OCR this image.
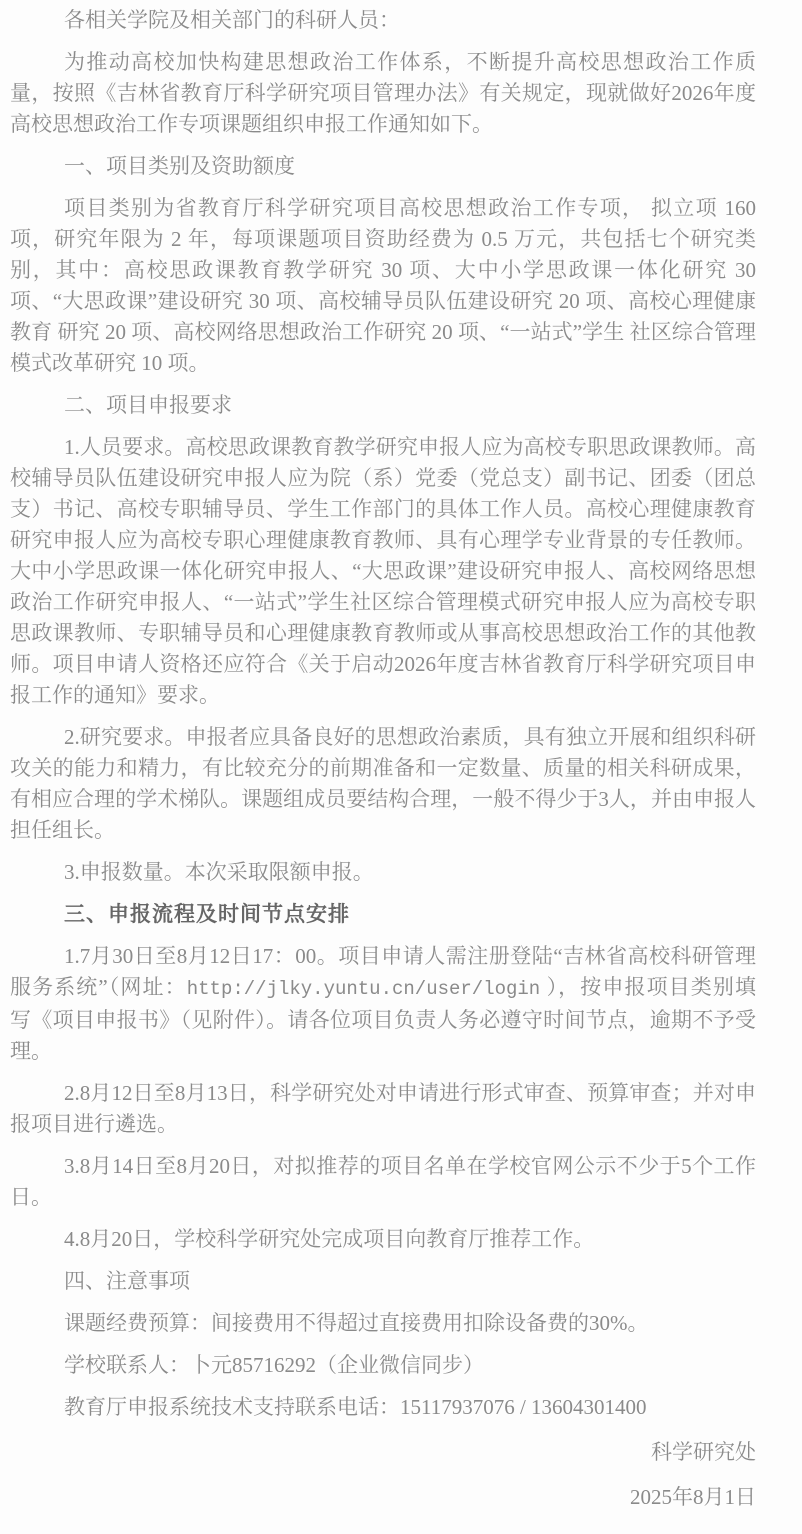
各相关学院及相关部门的科研人员：

为推动高校加快构建思想政治工作体系，不断提升高校思想政治工作质量，按照《吉林省教育厅科学研究项目管理办法》有关规定，现就做好2026年度高校思想政治工作专项课题组织申报工作通知如下。

一、项目类别及资助额度

项目类别为省教育厅科学研究项目高校思想政治工作专项， 拟立项 160 项，研究年限为 2 年，每项课题项目资助经费为 0.5 万元，共包括七个研究类别，其中：高校思政课教育教学研究 30 项、大中小学思政课一体化研究 30 项、“大思政课”建设研究 30 项、高校辅导员队伍建设研究 20 项、高校心理健康教育 研究 20 项、高校网络思想政治工作研究 20 项、“一站式”学生 社区综合管理模式改革研究 10 项。

二、项目申报要求

1.人员要求。高校思政课教育教学研究申报人应为高校专职思政课教师。高校辅导员队伍建设研究申报人应为院（系）党委（党总支）副书记、团委（团总支）书记、高校专职辅导员、学生工作部门的具体工作人员。高校心理健康教育研究申报人应为高校专职心理健康教育教师、具有心理学专业背景的专任教师。大中小学思政课一体化研究申报人、“大思政课”建设研究申报人、高校网络思想政治工作研究申报人、“一站式”学生社区综合管理模式研究申报人应为高校专职思政课教师、专职辅导员和心理健康教育教师或从事高校思想政治工作的其他教师。项目申请人资格还应符合《关于启动2026年度吉林省教育厅科学研究项目申报工作的通知》要求。

2.研究要求。申报者应具备良好的思想政治素质，具有独立开展和组织科研攻关的能力和精力，有比较充分的前期准备和一定数量、质量的相关科研成果，有相应合理的学术梯队。课题组成员要结构合理，一般不得少于3人，并由申报人担任组长。

3.申报数量。本次采取限额申报。

三、申报流程及时间节点安排

1.7月30日至8月12日17：00。项目申请人需注册登陆“吉林省高校科研管理服务系统”（网址：http://jlky.yuntu.cn/user/login ），按申报项目类别填写《项目申报书》（见附件）。请各位项目负责人务必遵守时间节点，逾期不予受理。

2.8月12日至8月13日，科学研究处对申请进行形式审查、预算审查；并对申报项目进行遴选。

3.8月14日至8月20日，对拟推荐的项目名单在学校官网公示不少于5个工作日。

4.8月20日，学校科学研究处完成项目向教育厅推荐工作。

四、注意事项

课题经费预算：间接费用不得超过直接费用扣除设备费的30%。

学校联系人：卜元85716292（企业微信同步）

教育厅申报系统技术支持联系电话：15117937076 / 13604301400

科学研究处

2025年8月1日
